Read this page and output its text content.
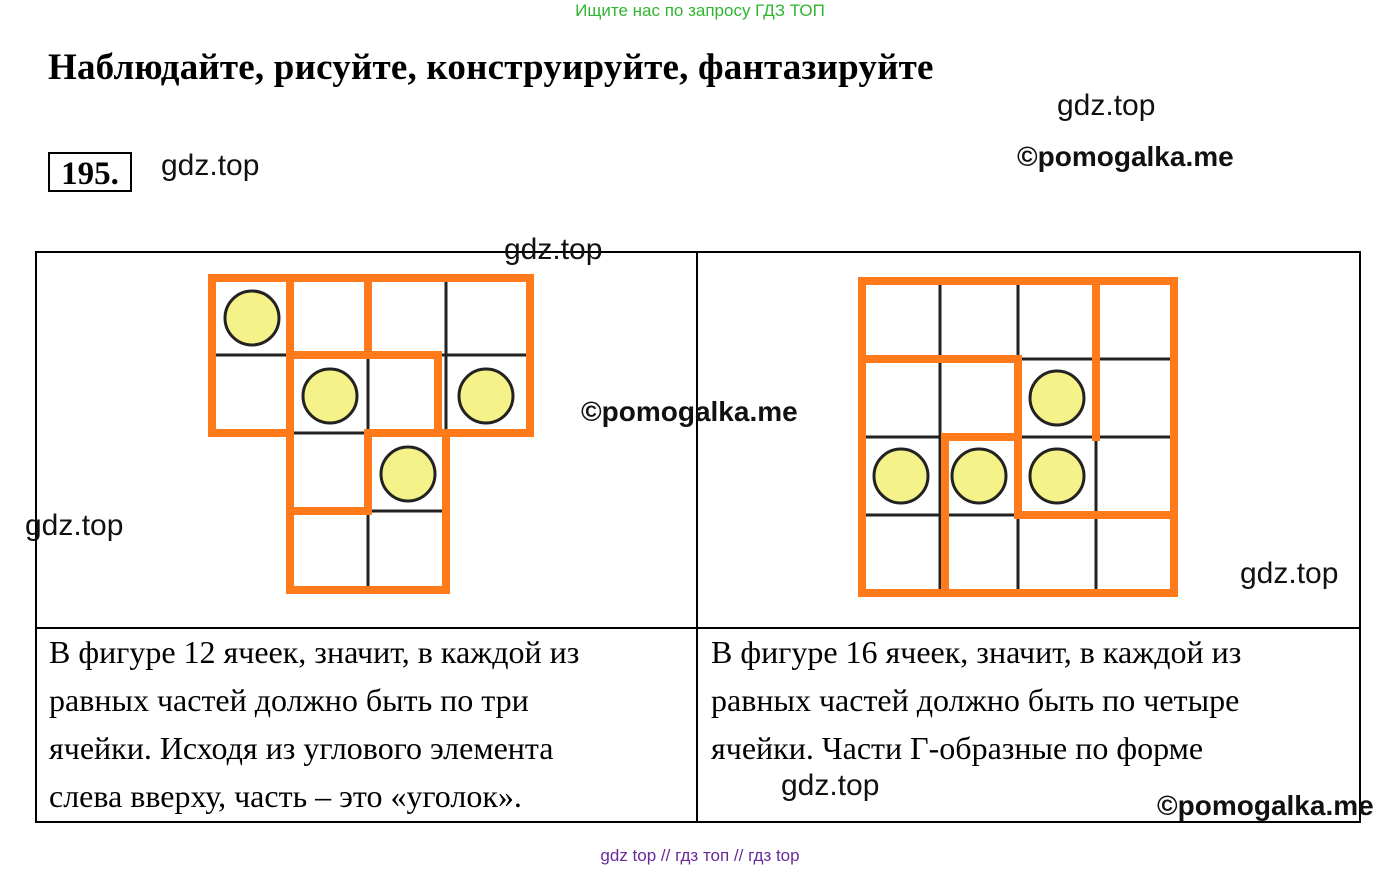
Ищите нас по запросу ГДЗ ТОП
Наблюдайте, рисуйте, конструируйте, фантазируйте
195.
gdz.top
gdz.top	©pomogalka.me
gdz.top
©pomogalka.me
gdz.top
gdz.top
В фигуре 12 ячеек, значит, в каждой из
равных частей должно быть по три
ячейки. Исходя из углового элемента
слева вверху, часть – это «уголок».
В фигуре 16 ячеек, значит, в каждой из
равных частей должно быть по четыре
ячейки. Части Г-образные по форме
gdz.top
©pomogalka.me
gdz top // гдз топ // гдз top
